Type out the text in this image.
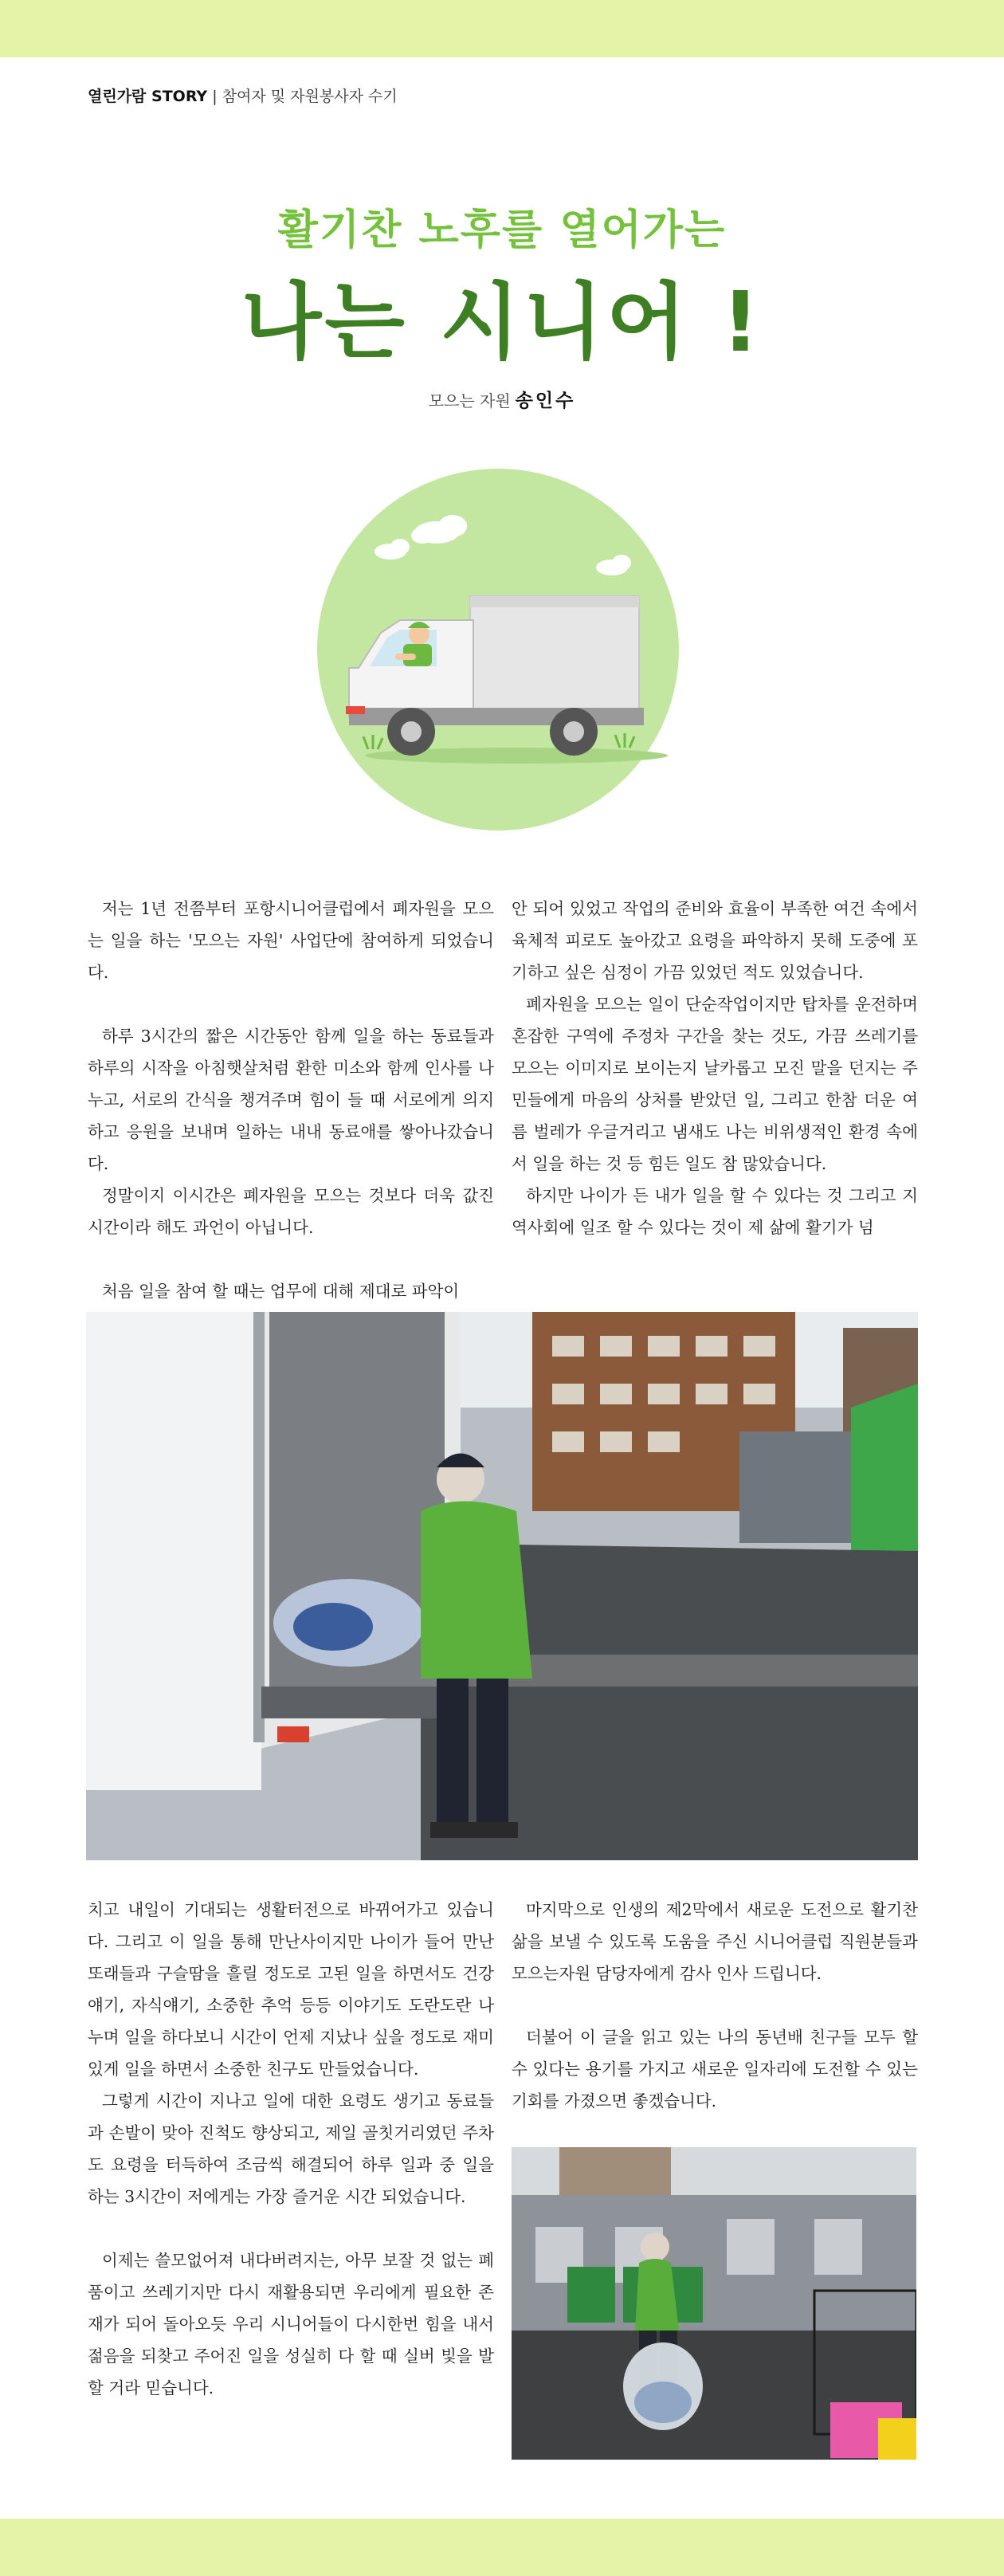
열린가람 STORY | 참여자 및 자원봉사자 수기
활기찬 노후를 열어가는
나는 시니어 !
모으는 자원 송인수

저는 1년 전쯤부터 포항시니어클럽에서 폐자원을 모으는 일을 하는 '모으는 자원' 사업단에 참여하게 되었습니다.

하루 3시간의 짧은 시간동안 함께 일을 하는 동료들과 하루의 시작을 아침햇살처럼 환한 미소와 함께 인사를 나누고, 서로의 간식을 챙겨주며 힘이 들 때 서로에게 의지하고 응원을 보내며 일하는 내내 동료애를 쌓아나갔습니다.

정말이지 이시간은 폐자원을 모으는 것보다 더욱 값진 시간이라 해도 과언이 아닙니다.

처음 일을 참여 할 때는 업무에 대해 제대로 파악이

안 되어 있었고 작업의 준비와 효율이 부족한 여건 속에서 육체적 피로도 높아갔고 요령을 파악하지 못해 도중에 포기하고 싶은 심정이 가끔 있었던 적도 있었습니다.

폐자원을 모으는 일이 단순작업이지만 탑차를 운전하며 혼잡한 구역에 주정차 구간을 찾는 것도, 가끔 쓰레기를 모으는 이미지로 보이는지 날카롭고 모진 말을 던지는 주민들에게 마음의 상처를 받았던 일, 그리고 한참 더운 여름 벌레가 우글거리고 냄새도 나는 비위생적인 환경 속에서 일을 하는 것 등 힘든 일도 참 많았습니다.

하지만 나이가 든 내가 일을 할 수 있다는 것 그리고 지역사회에 일조 할 수 있다는 것이 제 삶에 활기가 넘

치고 내일이 기대되는 생활터전으로 바뀌어가고 있습니다. 그리고 이 일을 통해 만난사이지만 나이가 들어 만난 또래들과 구슬땀을 흘릴 정도로 고된 일을 하면서도 건강얘기, 자식얘기, 소중한 추억 등등 이야기도 도란도란 나누며 일을 하다보니 시간이 언제 지났나 싶을 정도로 재미있게 일을 하면서 소중한 친구도 만들었습니다.

그렇게 시간이 지나고 일에 대한 요령도 생기고 동료들과 손발이 맞아 진척도 향상되고, 제일 골칫거리였던 주차도 요령을 터득하여 조금씩 해결되어 하루 일과 중 일을 하는 3시간이 저에게는 가장 즐거운 시간 되었습니다.

이제는 쓸모없어져 내다버려지는, 아무 보잘 것 없는 폐품이고 쓰레기지만 다시 재활용되면 우리에게 필요한 존재가 되어 돌아오듯 우리 시니어들이 다시한번 힘을 내서 젊음을 되찾고 주어진 일을 성실히 다 할 때 실버 빛을 발할 거라 믿습니다.

마지막으로 인생의 제2막에서 새로운 도전으로 활기찬 삶을 보낼 수 있도록 도움을 주신 시니어클럽 직원분들과 모으는자원 담당자에게 감사 인사 드립니다.

더불어 이 글을 읽고 있는 나의 동년배 친구들 모두 할 수 있다는 용기를 가지고 새로운 일자리에 도전할 수 있는 기회를 가졌으면 좋겠습니다.
